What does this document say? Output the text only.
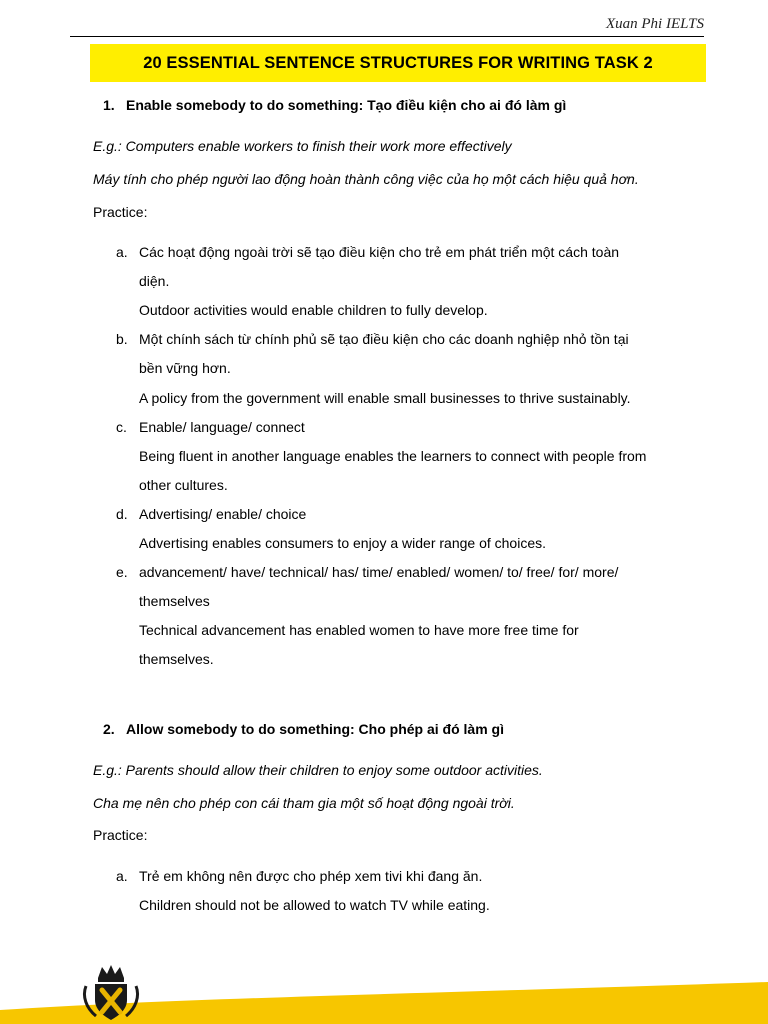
Xuan Phi IELTS
20 ESSENTIAL SENTENCE STRUCTURES FOR WRITING TASK 2
1. Enable somebody to do something: Tạo điều kiện cho ai đó làm gì
E.g.: Computers enable workers to finish their work more effectively
Máy tính cho phép người lao động hoàn thành công việc của họ một cách hiệu quả hơn.
Practice:
a. Các hoạt động ngoài trời sẽ tạo điều kiện cho trẻ em phát triển một cách toàn
diện.
Outdoor activities would enable children to fully develop.
b. Một chính sách từ chính phủ sẽ tạo điều kiện cho các doanh nghiệp nhỏ tồn tại
bền vững hơn.
A policy from the government will enable small businesses to thrive sustainably.
c. Enable/ language/ connect
Being fluent in another language enables the learners to connect with people from
other cultures.
d. Advertising/ enable/ choice
Advertising enables consumers to enjoy a wider range of choices.
e. advancement/ have/ technical/ has/ time/ enabled/ women/ to/ free/ for/ more/
themselves
Technical advancement has enabled women to have more free time for
themselves.
2. Allow somebody to do something: Cho phép ai đó làm gì
E.g.: Parents should allow their children to enjoy some outdoor activities.
Cha mẹ nên cho phép con cái tham gia một số hoạt động ngoài trời.
Practice:
a. Trẻ em không nên được cho phép xem tivi khi đang ăn.
Children should not be allowed to watch TV while eating.
